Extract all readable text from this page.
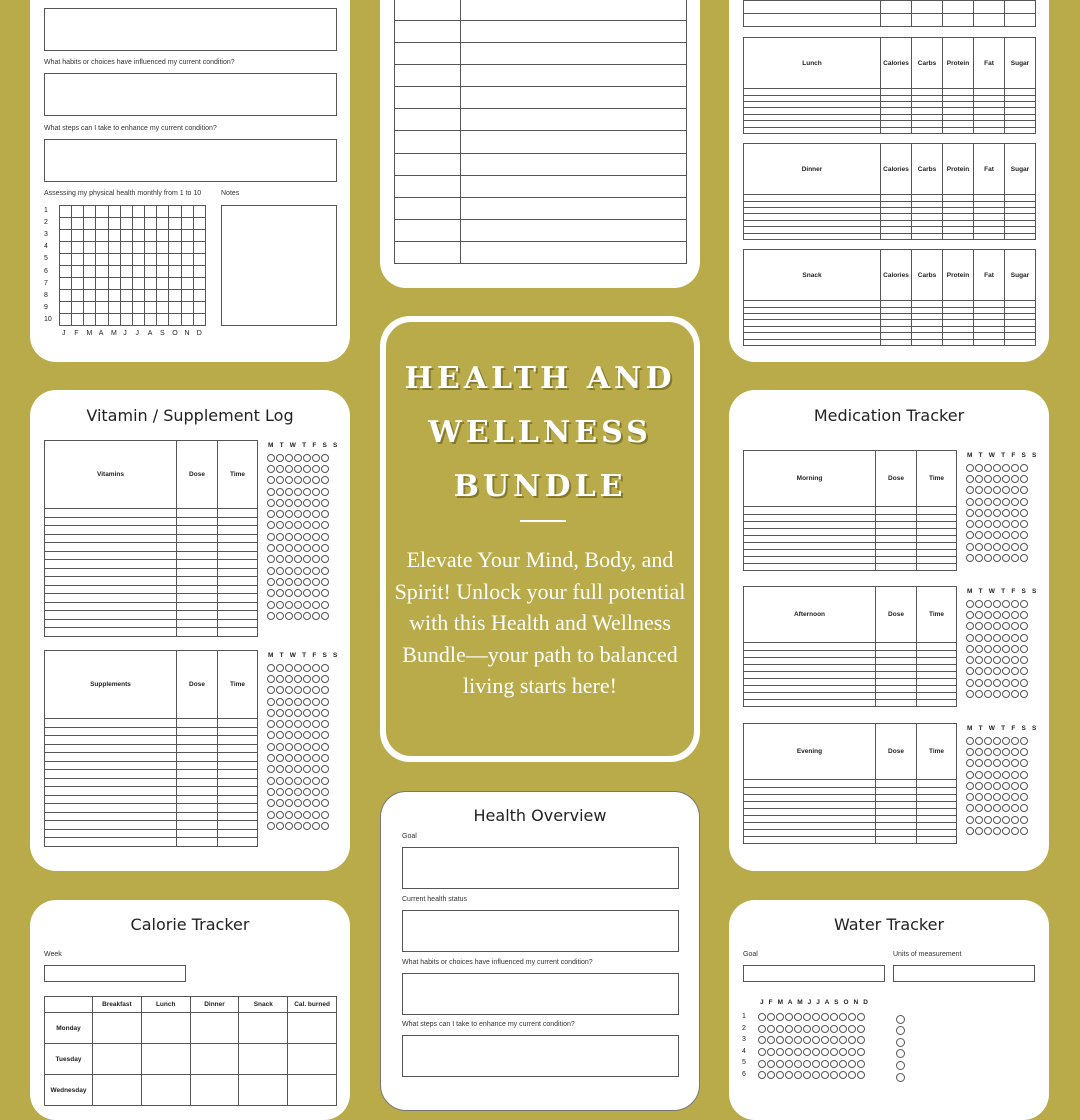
What habits or choices have influenced my current condition?
What steps can I take to enhance my current condition?
Assessing my physical health monthly from 1 to 10	Notes
1
2
3
4
5
6
7
8
9
10

J F M A M J J A S O N D

Lunch	Calories	Carbs	Protein	Fat	Sugar

Dinner	Calories	Carbs	Protein	Fat	Sugar

Snack	Calories	Carbs	Protein	Fat	Sugar

HEALTH AND
WELLNESS
BUNDLE
Elevate Your Mind, Body, and Spirit! Unlock your full potential with this Health and Wellness Bundle—your path to balanced living starts here!
Vitamin / Supplement Log
Vitamins	Dose	Time

M T W T F S S
Supplements	Dose	Time

M T W T F S S
Medication Tracker
Morning	Dose	Time

M T W T F S S
Afternoon	Dose	Time

M T W T F S S
Evening	Dose	Time

M T W T F S S
Calorie Tracker
Week
	Breakfast	Lunch	Dinner	Snack	Cal. burned
Monday					
Tuesday					
Wednesday					
Health Overview
Goal
Current health status
What habits or choices have influenced my current condition?
What steps can I take to enhance my current condition?
Water Tracker
Goal	Units of measurement
J F M A M J J A S O N D
1
2
3
4
5
6
